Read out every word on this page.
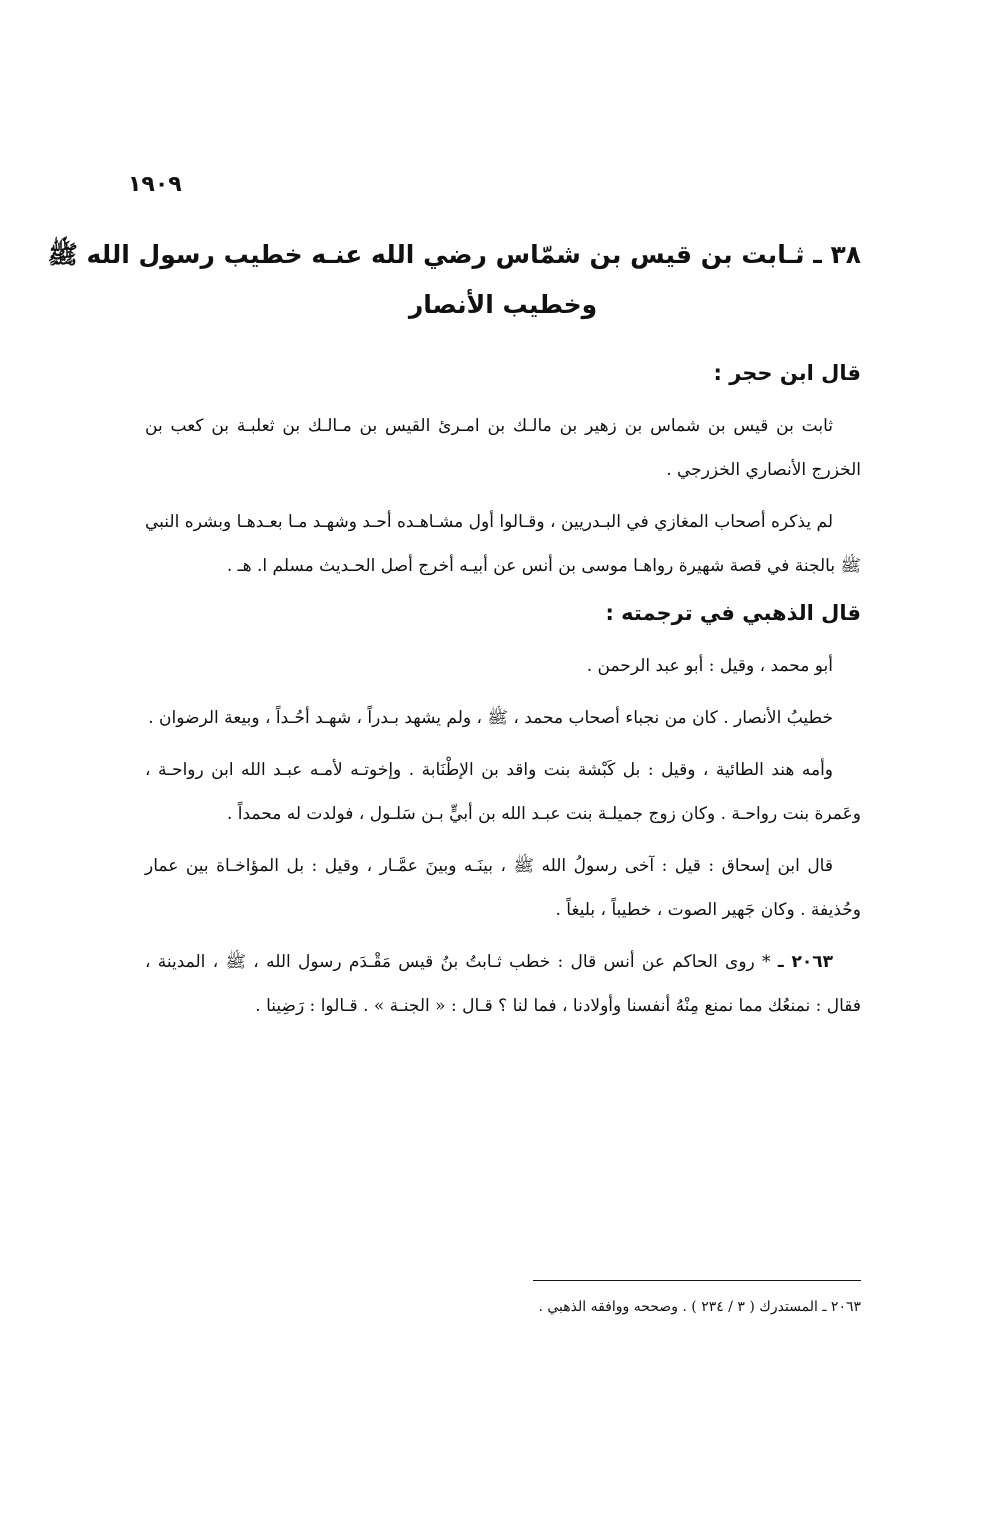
١٩٠٩
٣٨ ـ ثـابت بن قيس بن شمّاس رضي الله عنـه خطيب رسول الله ﷺ
وخطيب الأنصار
قال ابن حجر :

ثابت بن قيس بن شماس بن زهير بن مالـك بن امـرئ القيس بن مـالـك بن ثعلبـة بن كعب بن الخزرج الأنصاري الخزرجي .

لم يذكره أصحاب المغازي في البـدريين ، وقـالوا أول مشـاهـده أحـد وشهـد مـا بعـدهـا وبشره النبي ﷺ بالجنة في قصة شهيرة رواهـا موسى بن أنس عن أبيـه أخرج أصل الحـديث مسلم ا. هـ .

قال الذهبي في ترجمته :

أبو محمد ، وقيل : أبو عبد الرحمن .

خطيبُ الأنصار . كان من نجباء أصحاب محمد ، ﷺ ، ولم يشهد بـدراً ، شهـد أحُـداً ، وبيعة الرضوان .

وأمه هند الطائية ، وقيل : بل كَبْشة بنت واقد بن الإطْنَابة . وإخوتـه لأمـه عبـد الله ابن رواحـة ، وعَمرة بنت رواحـة . وكان زوج جميلـة بنت عبـد الله بن أبيٍّ بـن سَلـول ، فولدت له محمداً .

قال ابن إسحاق : قيل : آخى رسولُ الله ﷺ ، بينَـه وبينَ عمَّـار ، وقيل : بل المؤاخـاة بين عمار وحُذيفة . وكان جَهير الصوت ، خطيباً ، بليغاً .

٢٠٦٣ ـ * روى الحاكم عن أنس قال : خطب ثـابتُ بنُ قيس مَقْـدَم رسول الله ، ﷺ ، المدينة ، فقال : نمنعُك مما نمنع مِنْهُ أنفسنا وأولادنا ، فما لنا ؟ قـال : « الجنـة » . قـالوا : رَضِينا .

٢٠٦٣ ـ المستدرك ( ٣ / ٢٣٤ ) . وصححه ووافقه الذهبي .
